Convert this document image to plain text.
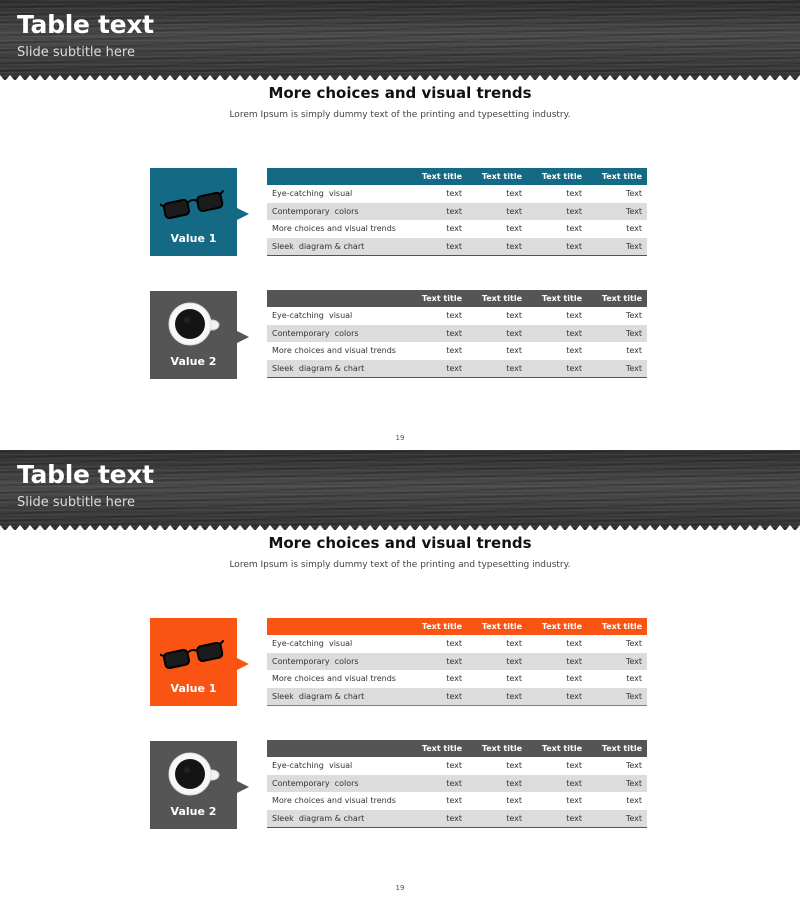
Table text
Slide subtitle here
More choices and visual trends
Lorem Ipsum is simply dummy text of the printing and typesetting industry.
Value 1
	Text title	Text title	Text title	Text title
Eye-catching  visual	text	text	text	Text
Contemporary  colors	text	text	text	Text
More choices and visual trends	text	text	text	text
Sleek  diagram & chart	text	text	text	Text
Value 2
	Text title	Text title	Text title	Text title
Eye-catching  visual	text	text	text	Text
Contemporary  colors	text	text	text	Text
More choices and visual trends	text	text	text	text
Sleek  diagram & chart	text	text	text	Text
19
Table text
Slide subtitle here
More choices and visual trends
Lorem Ipsum is simply dummy text of the printing and typesetting industry.
Value 1
	Text title	Text title	Text title	Text title
Eye-catching  visual	text	text	text	Text
Contemporary  colors	text	text	text	Text
More choices and visual trends	text	text	text	text
Sleek  diagram & chart	text	text	text	Text
Value 2
	Text title	Text title	Text title	Text title
Eye-catching  visual	text	text	text	Text
Contemporary  colors	text	text	text	Text
More choices and visual trends	text	text	text	text
Sleek  diagram & chart	text	text	text	Text
19
